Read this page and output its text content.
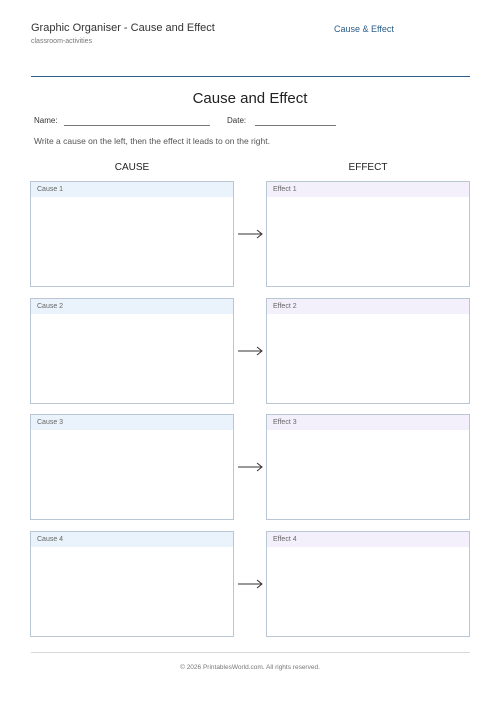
Graphic Organiser - Cause and Effect	Cause & Effect
classroom-activities
Cause and Effect
Name:	Date:
Write a cause on the left, then the effect it leads to on the right.
CAUSE	EFFECT
Cause 1	Effect 1
Cause 2	Effect 2
Cause 3	Effect 3
Cause 4	Effect 4
© 2026 PrintablesWorld.com. All rights reserved.
